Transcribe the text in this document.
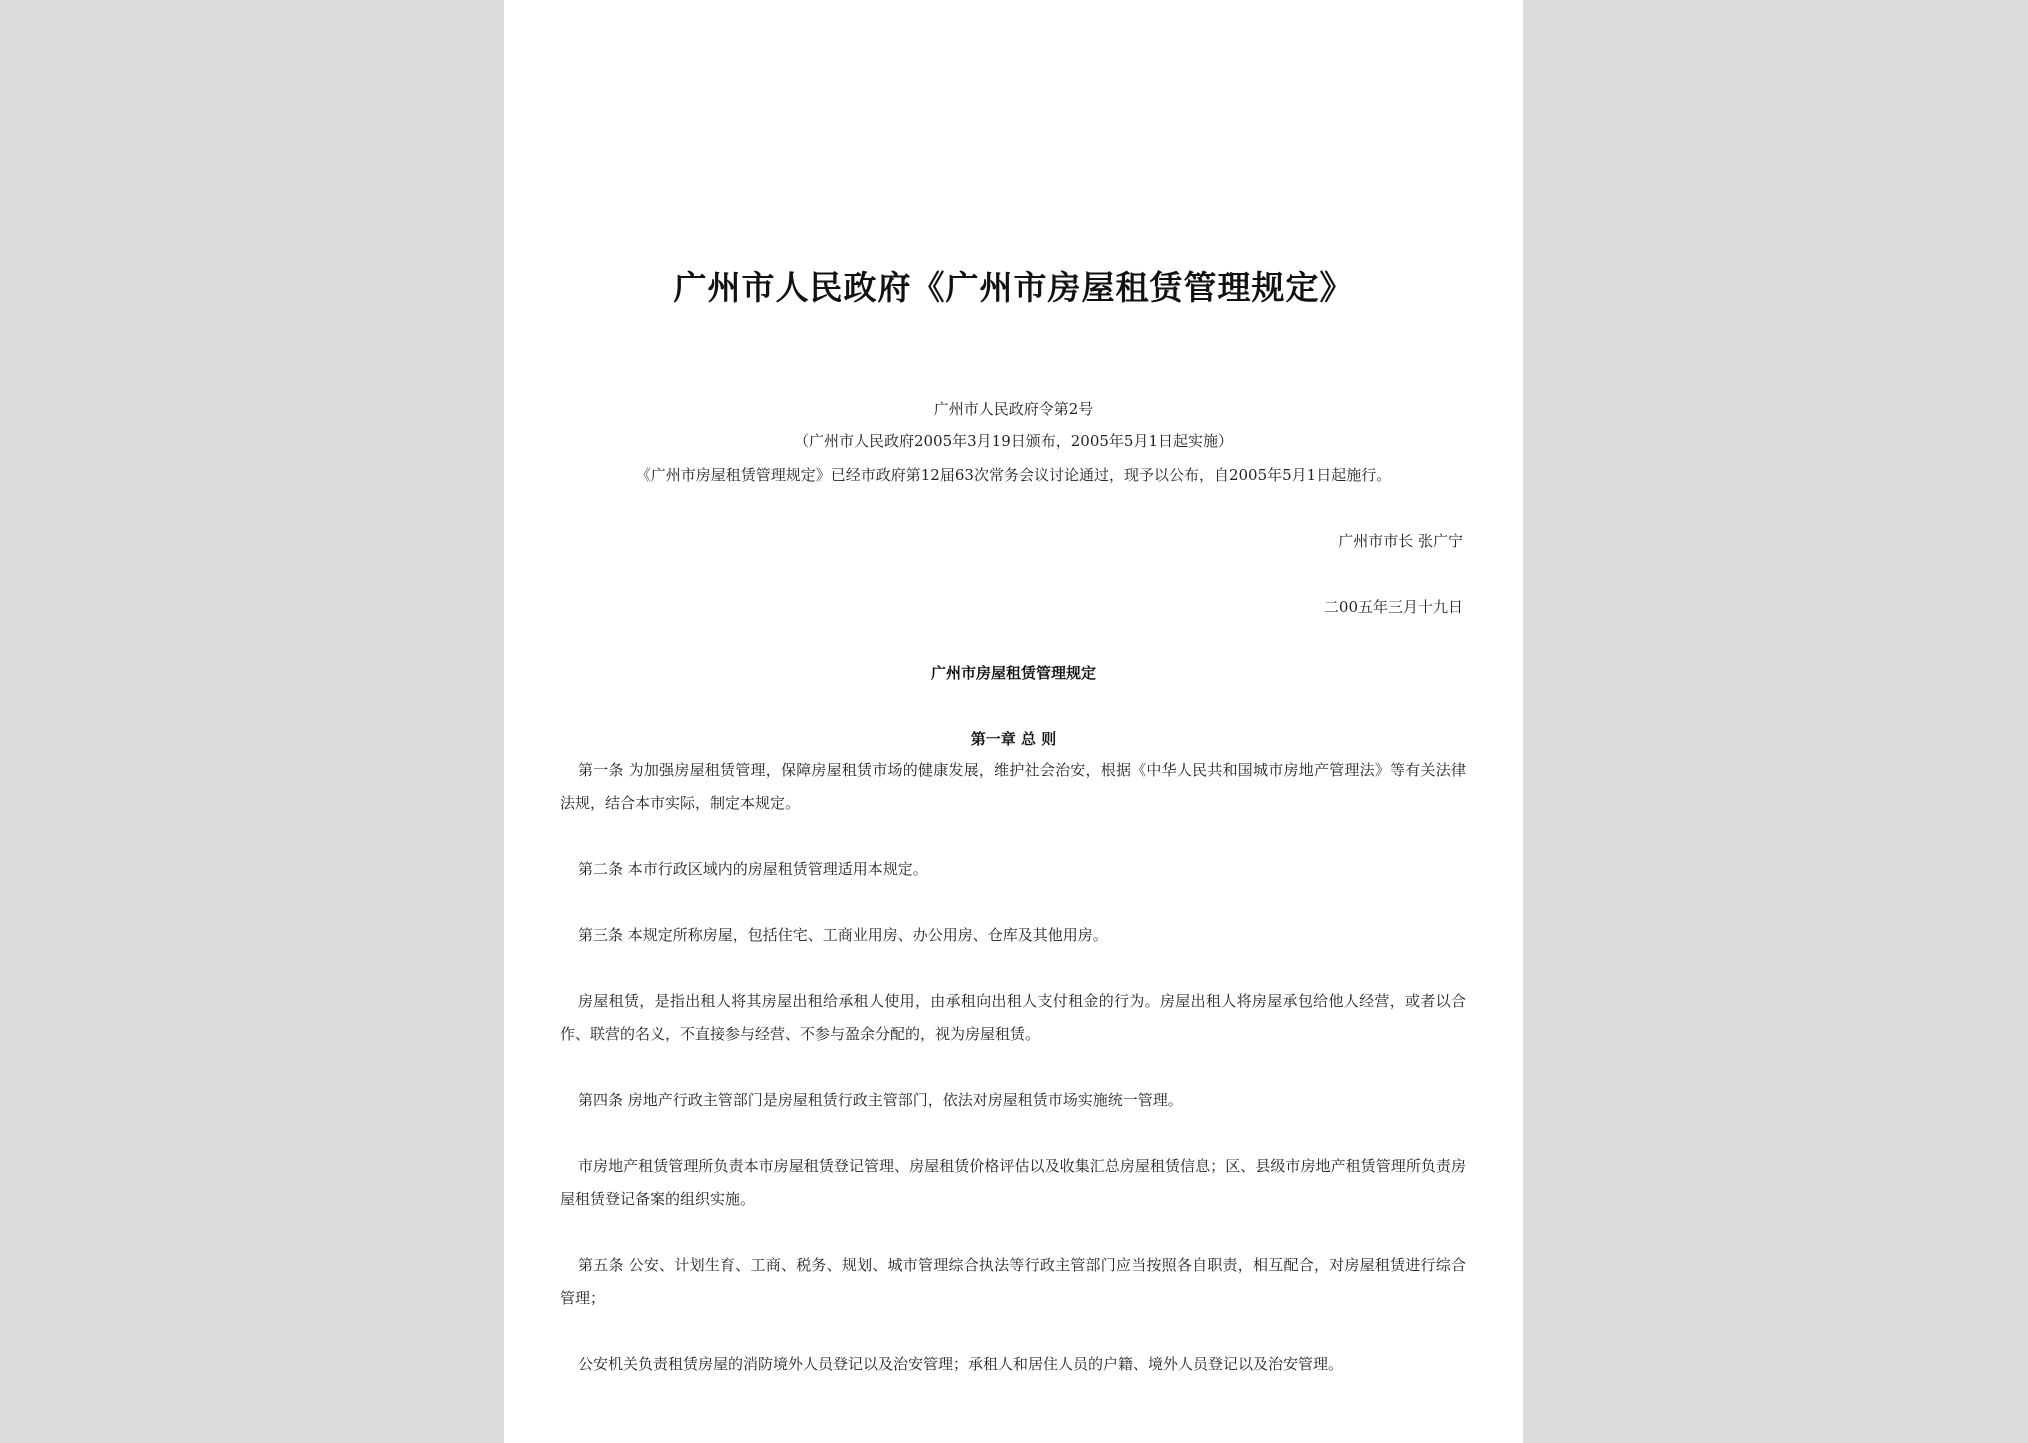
广州市人民政府《广州市房屋租赁管理规定》
广州市人民政府令第2号
（广州市人民政府2005年3月19日颁布，2005年5月1日起实施）
《广州市房屋租赁管理规定》已经市政府第12届63次常务会议讨论通过，现予以公布，自2005年5月1日起施行。
广州市市长 张广宁
二00五年三月十九日
广州市房屋租赁管理规定
第一章 总 则

第一条 为加强房屋租赁管理，保障房屋租赁市场的健康发展，维护社会治安，根据《中华人民共和国城市房地产管理法》等有关法律法规，结合本市实际，制定本规定。

第二条 本市行政区域内的房屋租赁管理适用本规定。

第三条 本规定所称房屋，包括住宅、工商业用房、办公用房、仓库及其他用房。

房屋租赁，是指出租人将其房屋出租给承租人使用，由承租向出租人支付租金的行为。房屋出租人将房屋承包给他人经营，或者以合作、联营的名义，不直接参与经营、不参与盈余分配的，视为房屋租赁。

第四条 房地产行政主管部门是房屋租赁行政主管部门，依法对房屋租赁市场实施统一管理。

市房地产租赁管理所负责本市房屋租赁登记管理、房屋租赁价格评估以及收集汇总房屋租赁信息；区、县级市房地产租赁管理所负责房屋租赁登记备案的组织实施。

第五条 公安、计划生育、工商、税务、规划、城市管理综合执法等行政主管部门应当按照各自职责，相互配合，对房屋租赁进行综合管理；

公安机关负责租赁房屋的消防境外人员登记以及治安管理；承租人和居住人员的户籍、境外人员登记以及治安管理。
